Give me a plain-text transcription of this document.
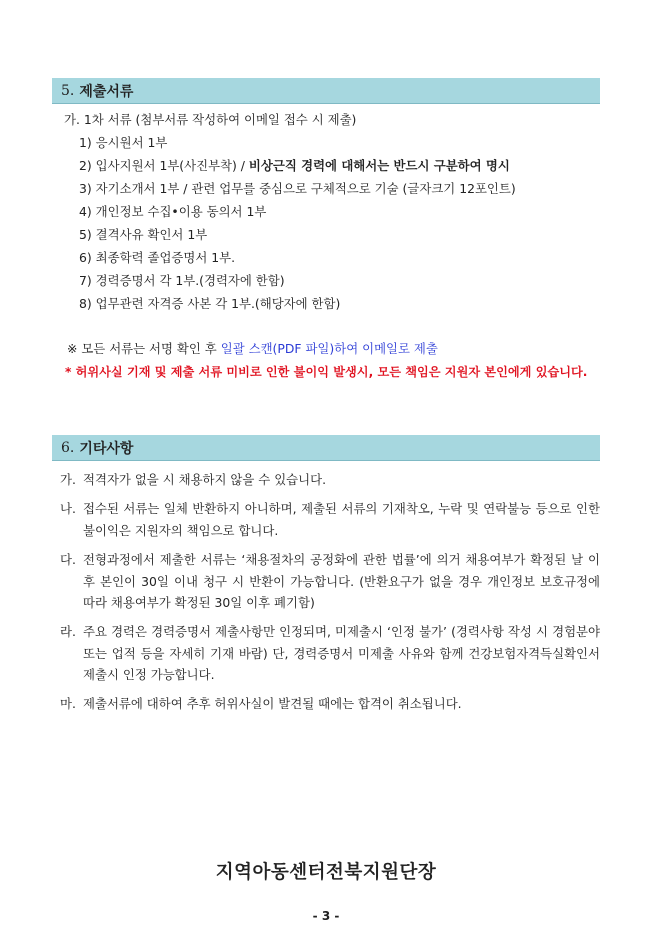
5. 제출서류
가. 1차 서류 (첨부서류 작성하여 이메일 접수 시 제출)
1) 응시원서 1부
2) 입사지원서 1부(사진부착) / 비상근직 경력에 대해서는 반드시 구분하여 명시
3) 자기소개서 1부 / 관련 업무를 중심으로 구체적으로 기술 (글자크기 12포인트)
4) 개인정보 수집•이용 동의서 1부
5) 결격사유 확인서 1부
6) 최종학력 졸업증명서 1부.
7) 경력증명서 각 1부.(경력자에 한함)
8) 업무관련 자격증 사본 각 1부.(해당자에 한함)
※ 모든 서류는 서명 확인 후 일괄 스캔(PDF 파일)하여 이메일로 제출
* 허위사실 기재 및 제출 서류 미비로 인한 불이익 발생시, 모든 책임은 지원자 본인에게 있습니다.
6. 기타사항
가. 적격자가 없을 시 채용하지 않을 수 있습니다.
나. 접수된 서류는 일체 반환하지 아니하며, 제출된 서류의 기재착오, 누락 및 연락불능 등으로 인한 불이익은 지원자의 책임으로 합니다.
다. 전형과정에서 제출한 서류는 ‘채용절차의 공정화에 관한 법률’에 의거 채용여부가 확정된 날 이후 본인이 30일 이내 청구 시 반환이 가능합니다. (반환요구가 없을 경우 개인정보 보호규정에 따라 채용여부가 확정된 30일 이후 폐기함)
라. 주요 경력은 경력증명서 제출사항만 인정되며, 미제출시 ‘인정 불가’ (경력사항 작성 시 경험분야 또는 업적 등을 자세히 기재 바람) 단, 경력증명서 미제출 사유와 함께 건강보험자격득실확인서 제출시 인정 가능합니다.
마. 제출서류에 대하여 추후 허위사실이 발견될 때에는 합격이 취소됩니다.
지역아동센터전북지원단장
- 3 -
